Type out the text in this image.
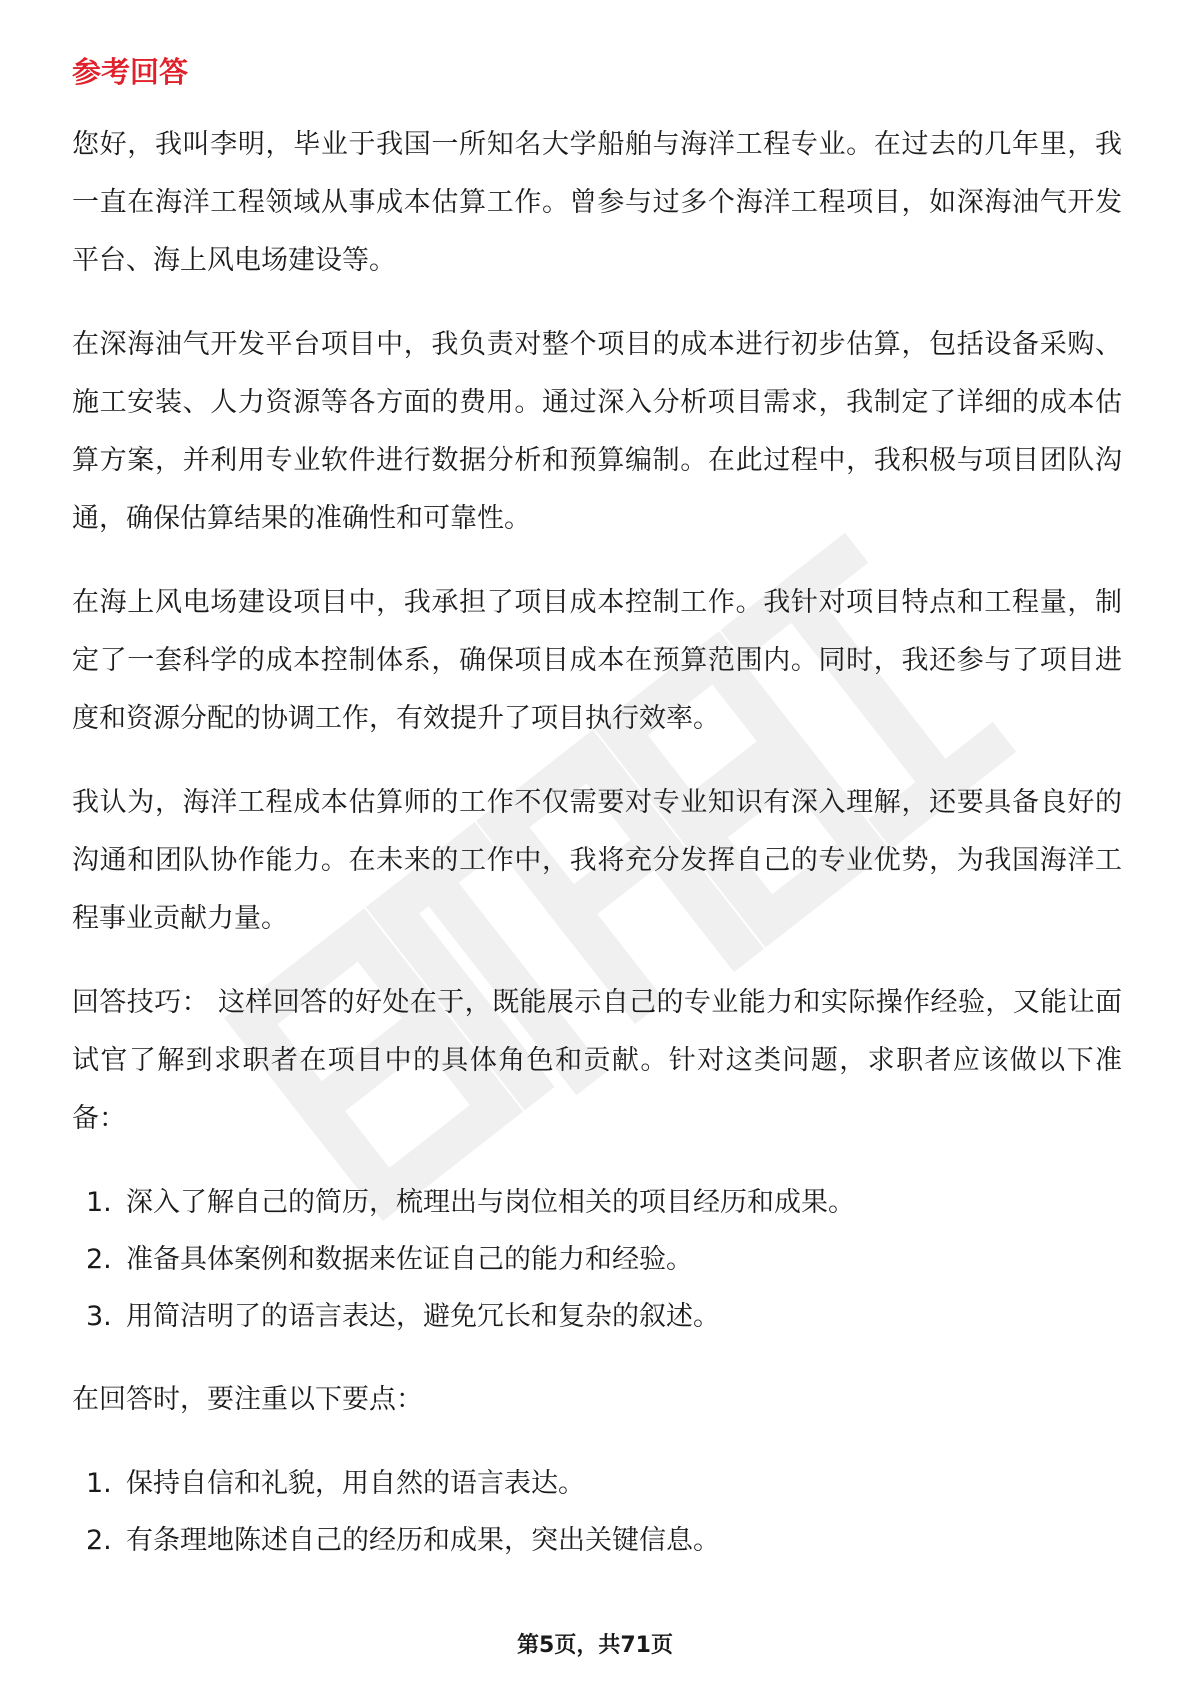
参考回答

您好，我叫李明，毕业于我国一所知名大学船舶与海洋工程专业。在过去的几年里，我一直在海洋工程领域从事成本估算工作。曾参与过多个海洋工程项目，如深海油气开发平台、海上风电场建设等。

在深海油气开发平台项目中，我负责对整个项目的成本进行初步估算，包括设备采购、施工安装、人力资源等各方面的费用。通过深入分析项目需求，我制定了详细的成本估算方案，并利用专业软件进行数据分析和预算编制。在此过程中，我积极与项目团队沟通，确保估算结果的准确性和可靠性。

在海上风电场建设项目中，我承担了项目成本控制工作。我针对项目特点和工程量，制定了一套科学的成本控制体系，确保项目成本在预算范围内。同时，我还参与了项目进度和资源分配的协调工作，有效提升了项目执行效率。

我认为，海洋工程成本估算师的工作不仅需要对专业知识有深入理解，还要具备良好的沟通和团队协作能力。在未来的工作中，我将充分发挥自己的专业优势，为我国海洋工程事业贡献力量。

回答技巧： 这样回答的好处在于，既能展示自己的专业能力和实际操作经验，又能让面试官了解到求职者在项目中的具体角色和贡献。针对这类问题，求职者应该做以下准备：

1. 深入了解自己的简历，梳理出与岗位相关的项目经历和成果。
2. 准备具体案例和数据来佐证自己的能力和经验。
3. 用简洁明了的语言表达，避免冗长和复杂的叙述。

在回答时，要注重以下要点：

1. 保持自信和礼貌，用自然的语言表达。
2. 有条理地陈述自己的经历和成果，突出关键信息。
第5页，共71页
